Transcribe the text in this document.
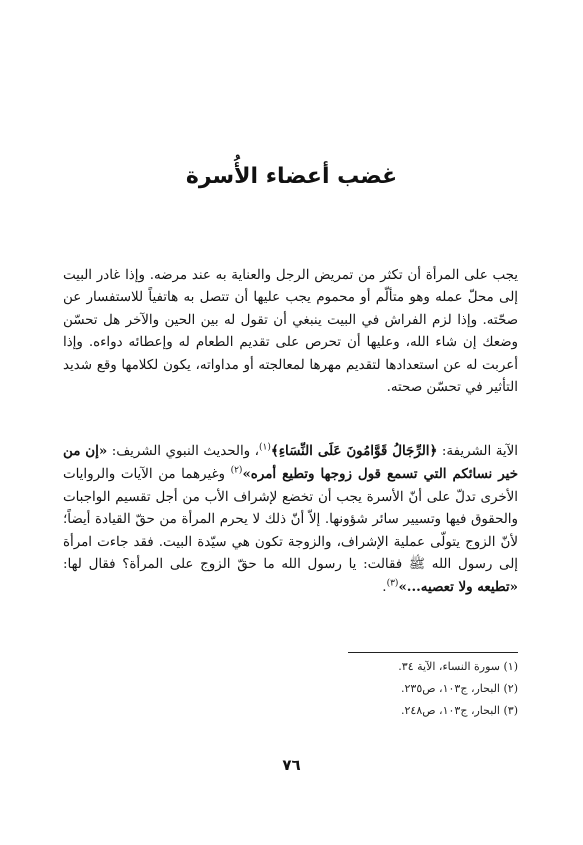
غضب أعضاء الأُسرة

يجب على المرأة أن تكثر من تمريض الرجل والعناية به عند مرضه. وإذا غادر البيت إلى محلّ عمله وهو متألّم أو محموم يجب عليها أن تتصل به هاتفياً للاستفسار عن صحّته. وإذا لزم الفراش في البيت ينبغي أن تقول له بين الحين والآخر هل تحسّن وضعك إن شاء الله، وعليها أن تحرص على تقديم الطعام له وإعطائه دواءه. وإذا أعربت له عن استعدادها لتقديم مهرها لمعالجته أو مداواته، يكون لكلامها وقع شديد التأثير في تحسّن صحته.

الآية الشريفة: ﴿الرِّجَالُ قَوَّامُونَ عَلَى النِّسَاءِ﴾$^{(١)}$، والحديث النبوي الشريف: «إن من خير نسائكم التي تسمع قول زوجها وتطيع أمره»$^{(٢)}$ وغيرهما من الآيات والروايات الأخرى تدلّ على أنّ الأسرة يجب أن تخضع لإشراف الأب من أجل تقسيم الواجبات والحقوق فيها وتسيير سائر شؤونها. إلاّ أنّ ذلك لا يحرم المرأة من حقّ القيادة أيضاً؛ لأنّ الزوج يتولّى عملية الإشراف، والزوجة تكون هي سيّدة البيت. فقد جاءت امرأة إلى رسول الله ﷺ فقالت: يا رسول الله ما حقّ الزوج على المرأة؟ فقال لها: «تطيعه ولا تعصيه...»$^{(٣)}$.

(١) سورة النساء، الآية ٣٤.
(٢) البحار، ج١٠٣، ص٢٣٥.
(٣) البحار، ج١٠٣، ص٢٤٨.
٧٦
